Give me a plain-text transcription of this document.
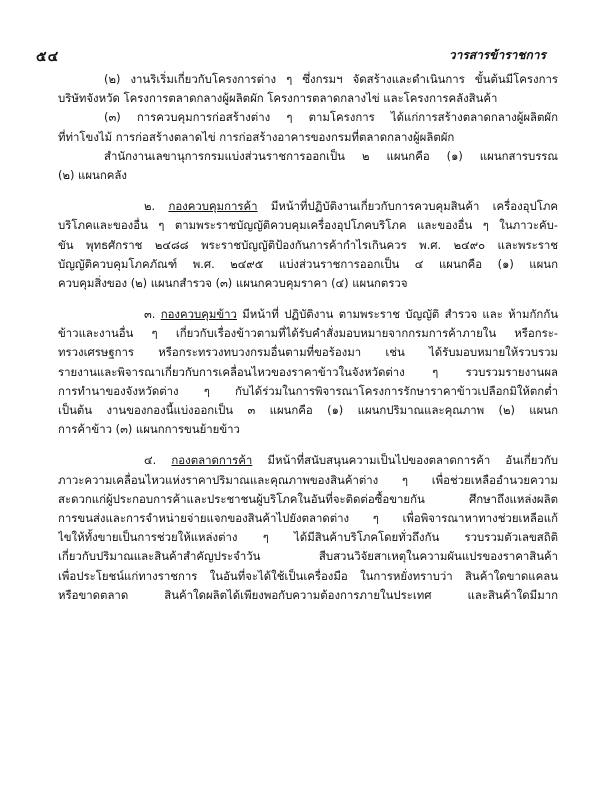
๕๔	วารสารข้าราชการ
(๒) งานริเริ่มเกี่ยวกับโครงการต่าง ๆ ซึ่งกรมฯ จัดสร้างและดำเนินการ ขั้นต้นมีโครงการ
บริษัทจังหวัด โครงการตลาดกลางผู้ผลิตผัก โครงการตลาดกลางไข่ และโครงการคลังสินค้า
(๓) การควบคุมการก่อสร้างต่าง ๆ ตามโครงการ ได้แก่การสร้างตลาดกลางผู้ผลิตผัก
ที่ท่าโขงไม้ การก่อสร้างตลาดไข่ การก่อสร้างอาคารของกรมที่ตลาดกลางผู้ผลิตผัก
สำนักงานเลขานุการกรมแบ่งส่วนราชการออกเป็น ๒ แผนกคือ (๑) แผนกสารบรรณ
(๒) แผนกคลัง
๒. กองควบคุมการค้า มีหน้าที่ปฏิบัติงานเกี่ยวกับการควบคุมสินค้า เครื่องอุปโภค
บริโภคและของอื่น ๆ ตามพระราชบัญญัติควบคุมเครื่องอุปโภคบริโภค และของอื่น ๆ ในภาวะคับ-
ขัน พุทธศักราช ๒๔๘๘ พระราชบัญญัติป้องกันการค้ากำไรเกินควร พ.ศ. ๒๔๙๐ และพระราช
บัญญัติควบคุมโภคภัณฑ์ พ.ศ. ๒๔๙๕ แบ่งส่วนราชการออกเป็น ๔ แผนกคือ (๑) แผนก
ควบคุมสิ่งของ (๒) แผนกสำรวจ (๓) แผนกควบคุมราคา (๔) แผนกตรวจ
๓. กองควบคุมข้าว มีหน้าที่ ปฏิบัติงาน ตามพระราช บัญญัติ สำรวจ และ ห้ามกักกัน
ข้าวและงานอื่น ๆ เกี่ยวกับเรื่องข้าวตามที่ได้รับคำสั่งมอบหมายจากกรมการค้าภายใน หรือกระ-
ทรวงเศรษฐการ หรือกระทรวงทบวงกรมอื่นตามที่ขอร้องมา เช่น ได้รับมอบหมายให้รวบรวม
รายงานและพิจารณาเกี่ยวกับการเคลื่อนไหวของราคาข้าวในจังหวัดต่าง ๆ รวบรวมรายงานผล
การทำนาของจังหวัดต่าง ๆ กับได้ร่วมในการพิจารณาโครงการรักษาราคาข้าวเปลือกมิให้ตกต่ำ
เป็นต้น งานของกองนี้แบ่งออกเป็น ๓ แผนกคือ (๑) แผนกปริมาณและคุณภาพ (๒) แผนก
การค้าข้าว (๓) แผนกการขนย้ายข้าว
๔. กองตลาดการค้า มีหน้าที่สนับสนุนความเป็นไปของตลาดการค้า อันเกี่ยวกับ
ภาวะความเคลื่อนไหวแห่งราคาปริมาณและคุณภาพของสินค้าต่าง ๆ เพื่อช่วยเหลืออำนวยความ
สะดวกแก่ผู้ประกอบการค้าและประชาชนผู้บริโภคในอันที่จะติดต่อซื้อขายกัน ศึกษาถึงแหล่งผลิต
การขนส่งและการจำหน่ายจ่ายแจกของสินค้าไปยังตลาดต่าง ๆ เพื่อพิจารณาหาทางช่วยเหลือแก้
ไขให้ทั้งขายเป็นการช่วยให้แหล่งต่าง ๆ ได้มีสินค้าบริโภคโดยทั่วถึงกัน รวบรวมตัวเลขสถิติ
เกี่ยวกับปริมาณและสินค้าสำคัญประจำวัน สืบสวนวิจัยสาเหตุในความผันแปรของราคาสินค้า
เพื่อประโยชน์แก่ทางราชการ ในอันที่จะได้ใช้เป็นเครื่องมือ ในการหยั่งทราบว่า สินค้าใดขาดแคลน
หรือขาดตลาด สินค้าใดผลิตได้เพียงพอกับความต้องการภายในประเทศ และสินค้าใดมีมาก
